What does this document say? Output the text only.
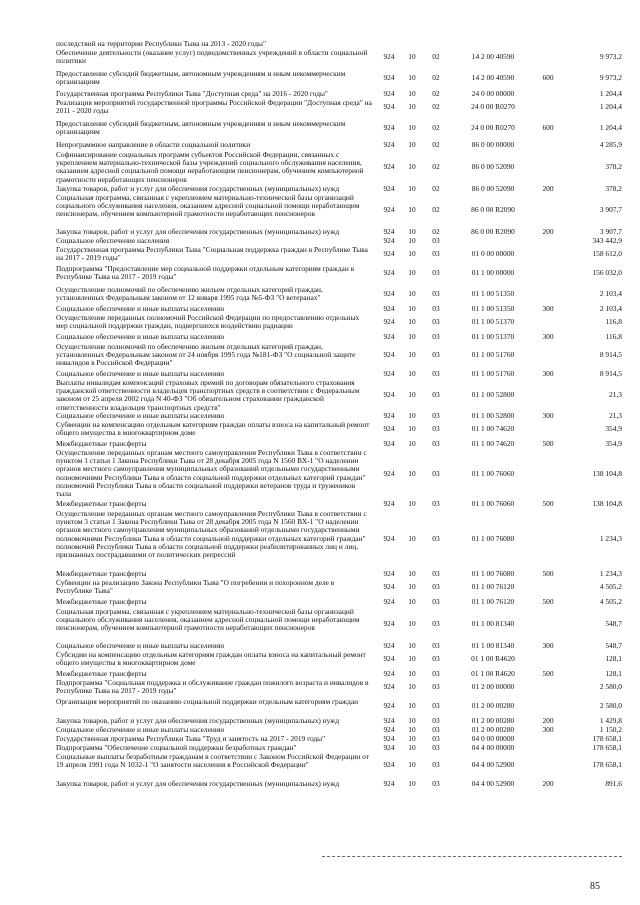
последствий на территории Республики Тыва на 2013 - 2020 годы"
Обеспечение деятельности (оказание услуг) подведомственных учреждений в области социальной политики	924	10	02	14 2 00 40590	9 973,2
Предоставление субсидий бюджетным, автономным учреждениям и иным некоммерческим организациям	924	10	02	14 2 00 40590	600	9 973,2
Государственная программа Республики Тыва "Доступная среда" на 2016 - 2020 годы"	924	10	02	24 0 00 00000	1 204,4
Реализация мероприятий государственной программы Российской Федерации "Доступная среда" на 2011 - 2020 годы	924	10	02	24 0 00 R0270	1 204,4
Предоставление субсидий бюджетным, автономным учреждениям и иным некоммерческим организациям	924	10	02	24 0 00 R0270	600	1 204,4
Непрограммное направление в области социальной политики	924	10	02	86 0 00 00000	4 285,9
Софинансирование социальных программ субъектов Российской Федерации, связанных с укреплением материально-технической базы учреждений социального обслуживания населения, оказанием адресной социальной помощи неработающим пенсионерам, обучением компьютерной грамотности неработающих пенсионеров
924	10	02	86 0 00 52090	378,2
Закупка товаров, работ и услуг для обеспечения государственных (муниципальных) нужд	924	10	02	86 0 00 52090	200	378,2
Социальная программа, связанная с укреплением материально-технической базы организаций социального обслуживания населения, оказанием адресной социальной помощи неработающим пенсионерам, обучением компьютерной грамотности неработающих пенсионеров	924	10	02	86 0 00 R2090	3 907,7
Закупка товаров, работ и услуг для обеспечения государственных (муниципальных) нужд	924	10	02	86 0 00 R2090	200	3 907,7
Социальное обеспечение населения	924	10	03	343 442,9
Государственная программа Республики Тыва "Социальная поддержка граждан в Республике Тыва на 2017 - 2019 годы"	924	10	03	01 0 00 00000	158 612,0
Подпрограмма "Предоставление мер социальной поддержки отдельным категориям граждан в Республике Тыва на 2017 - 2019 годы"	924	10	03	01 1 00 00000	156 032,0
Осуществление полномочий по обеспечению жильем отдельных категорий граждан, установленных Федеральным законом от 12 января 1995 года №5-ФЗ "О ветеранах"	924	10	03	01 1 00 51350	2 103,4
Социальное обеспечение и иные выплаты населению	924	10	03	01 1 00 51350	300	2 103,4
Осуществление переданных полномочий Российской Федерации по предоставлению отдельных мер социальной поддержки граждан, подвергшихся воздействию радиации	924	10	03	01 1 00 51370	116,8
Социальное обеспечение и иные выплаты населению	924	10	03	01 1 00 51370	300	116,8
Осуществление полномочий по обеспечению жильем отдельных категорий граждан, установленных Федеральным законом от 24 ноября 1995 года №181-ФЗ "О социальной защите инвалидов в Российской Федерации"
924	10	03	01 1 00 51760	8 914,5
Социальное обеспечение и иные выплаты населению	924	10	03	01 1 00 51760	300	8 914,5
Выплаты инвалидам компенсаций страховых премий по договорам обязательного страхования гражданской ответственности владельцев транспортных средств в соответствии с Федеральным законом от 25 апреля 2002 года N 40-ФЗ "Об обязательном страховании гражданской ответственности владельцев транспортных средств"
924	10	03	01 1 00 52800	21,3
Социальное обеспечение и иные выплаты населению	924	10	03	01 1 00 52800	300	21,3
Субвенции на компенсацию отдельным категориям граждан оплаты взноса на капитальный ремонт общего имущества в многоквартирном доме	924	10	03	01 1 00 74620	354,9
Межбюджетные трансферты	924	10	03	01 1 00 74620	500	354,9
Осуществление переданных органам местного самоуправления Республики Тыва в соответствии с пунктом 1 статьи 1 Закона Республики Тыва от 28 декабря 2005 года N 1560 ВХ-1 "О наделении органов местного самоуправления муниципальных образований отдельными государственными полномочиями Республики Тыва в области социальной поддержки отдельных категорий граждан" полномочий Республики Тыва в области социальной поддержки ветеранов труда и тружеников тыла
924	10	03	01 1 00 76060	138 104,8
Межбюджетные трансферты	924	10	03	01 1 00 76060	500	138 104,8
Осуществление переданных органам местного самоуправления Республики Тыва в соответствии с пунктом 3 статьи 1 Закона Республики Тыва от 28 декабря 2005 года N 1560 ВХ-1 "О наделении органов местного самоуправления муниципальных образований отдельными государственными полномочиями Республики Тыва в области социальной поддержки отдельных категорий граждан" полномочий Республики Тыва в области социальной поддержки реабилитированных лиц и лиц, признанных пострадавшими от политических репрессий
924	10	03	01 1 00 76080	1 234,3
Межбюджетные трансферты	924	10	03	01 1 00 76080	500	1 234,3
Субвенции на реализацию Закона Республики Тыва "О погребении и похоронном деле в Республике Тыва"	924	10	03	01 1 00 76120	4 505,2
Межбюджетные трансферты	924	10	03	01 1 00 76120	500	4 505,2
Социальная программа, связанная с укреплением материально-технической базы организаций социального обслуживания населения, оказанием адресной социальной помощи неработающим пенсионерам, обучением компьютерной грамотности неработающих пенсионеров	924	10	03	01 1 00 81340	548,7
Социальное обеспечение и иные выплаты населению	924	10	03	01 1 00 81340	300	548,7
Субсидии на компенсацию отдельным категориям граждан оплаты взноса на капитальный ремонт общего имущества в многоквартирном доме	924	10	03	01 1 00 R4620	128,1
Межбюджетные трансферты	924	10	03	01 1 00 R4620	500	128,1
Подпрограмма "Социальная поддержка и обслуживание граждан пожилого возраста и инвалидов в Республике Тыва на 2017 - 2019 годы"	924	10	03	01 2 00 00000	2 580,0
Организация мероприятий по оказанию социальной поддержки отдельным категориям граждан	924	10	03	01 2 00 00280	2 580,0
Закупка товаров, работ и услуг для обеспечения государственных (муниципальных) нужд	924	10	03	01 2 00 00280	200	1 429,8
Социальное обеспечение и иные выплаты населению	924	10	03	01 2 00 00280	300	1 150,2
Государственная программа Республики Тыва "Труд и занятость на 2017 - 2019 годы"	924	10	03	04 0 00 00000	178 658,1
Подпрограмма "Обеспечение социальной поддержки безработных граждан"	924	10	03	04 4 00 00000	178 658,1
Социальные выплаты безработным гражданам в соответствии с Законом Российской Федерации от 19 апреля 1991 года N 1032-1 "О занятости населения в Российской Федерации"	924	10	03	04 4 00 52900	178 658,1
Закупка товаров, работ и услуг для обеспечения государственных (муниципальных) нужд	924	10	03	04 4 00 52900	200	891,6
85
